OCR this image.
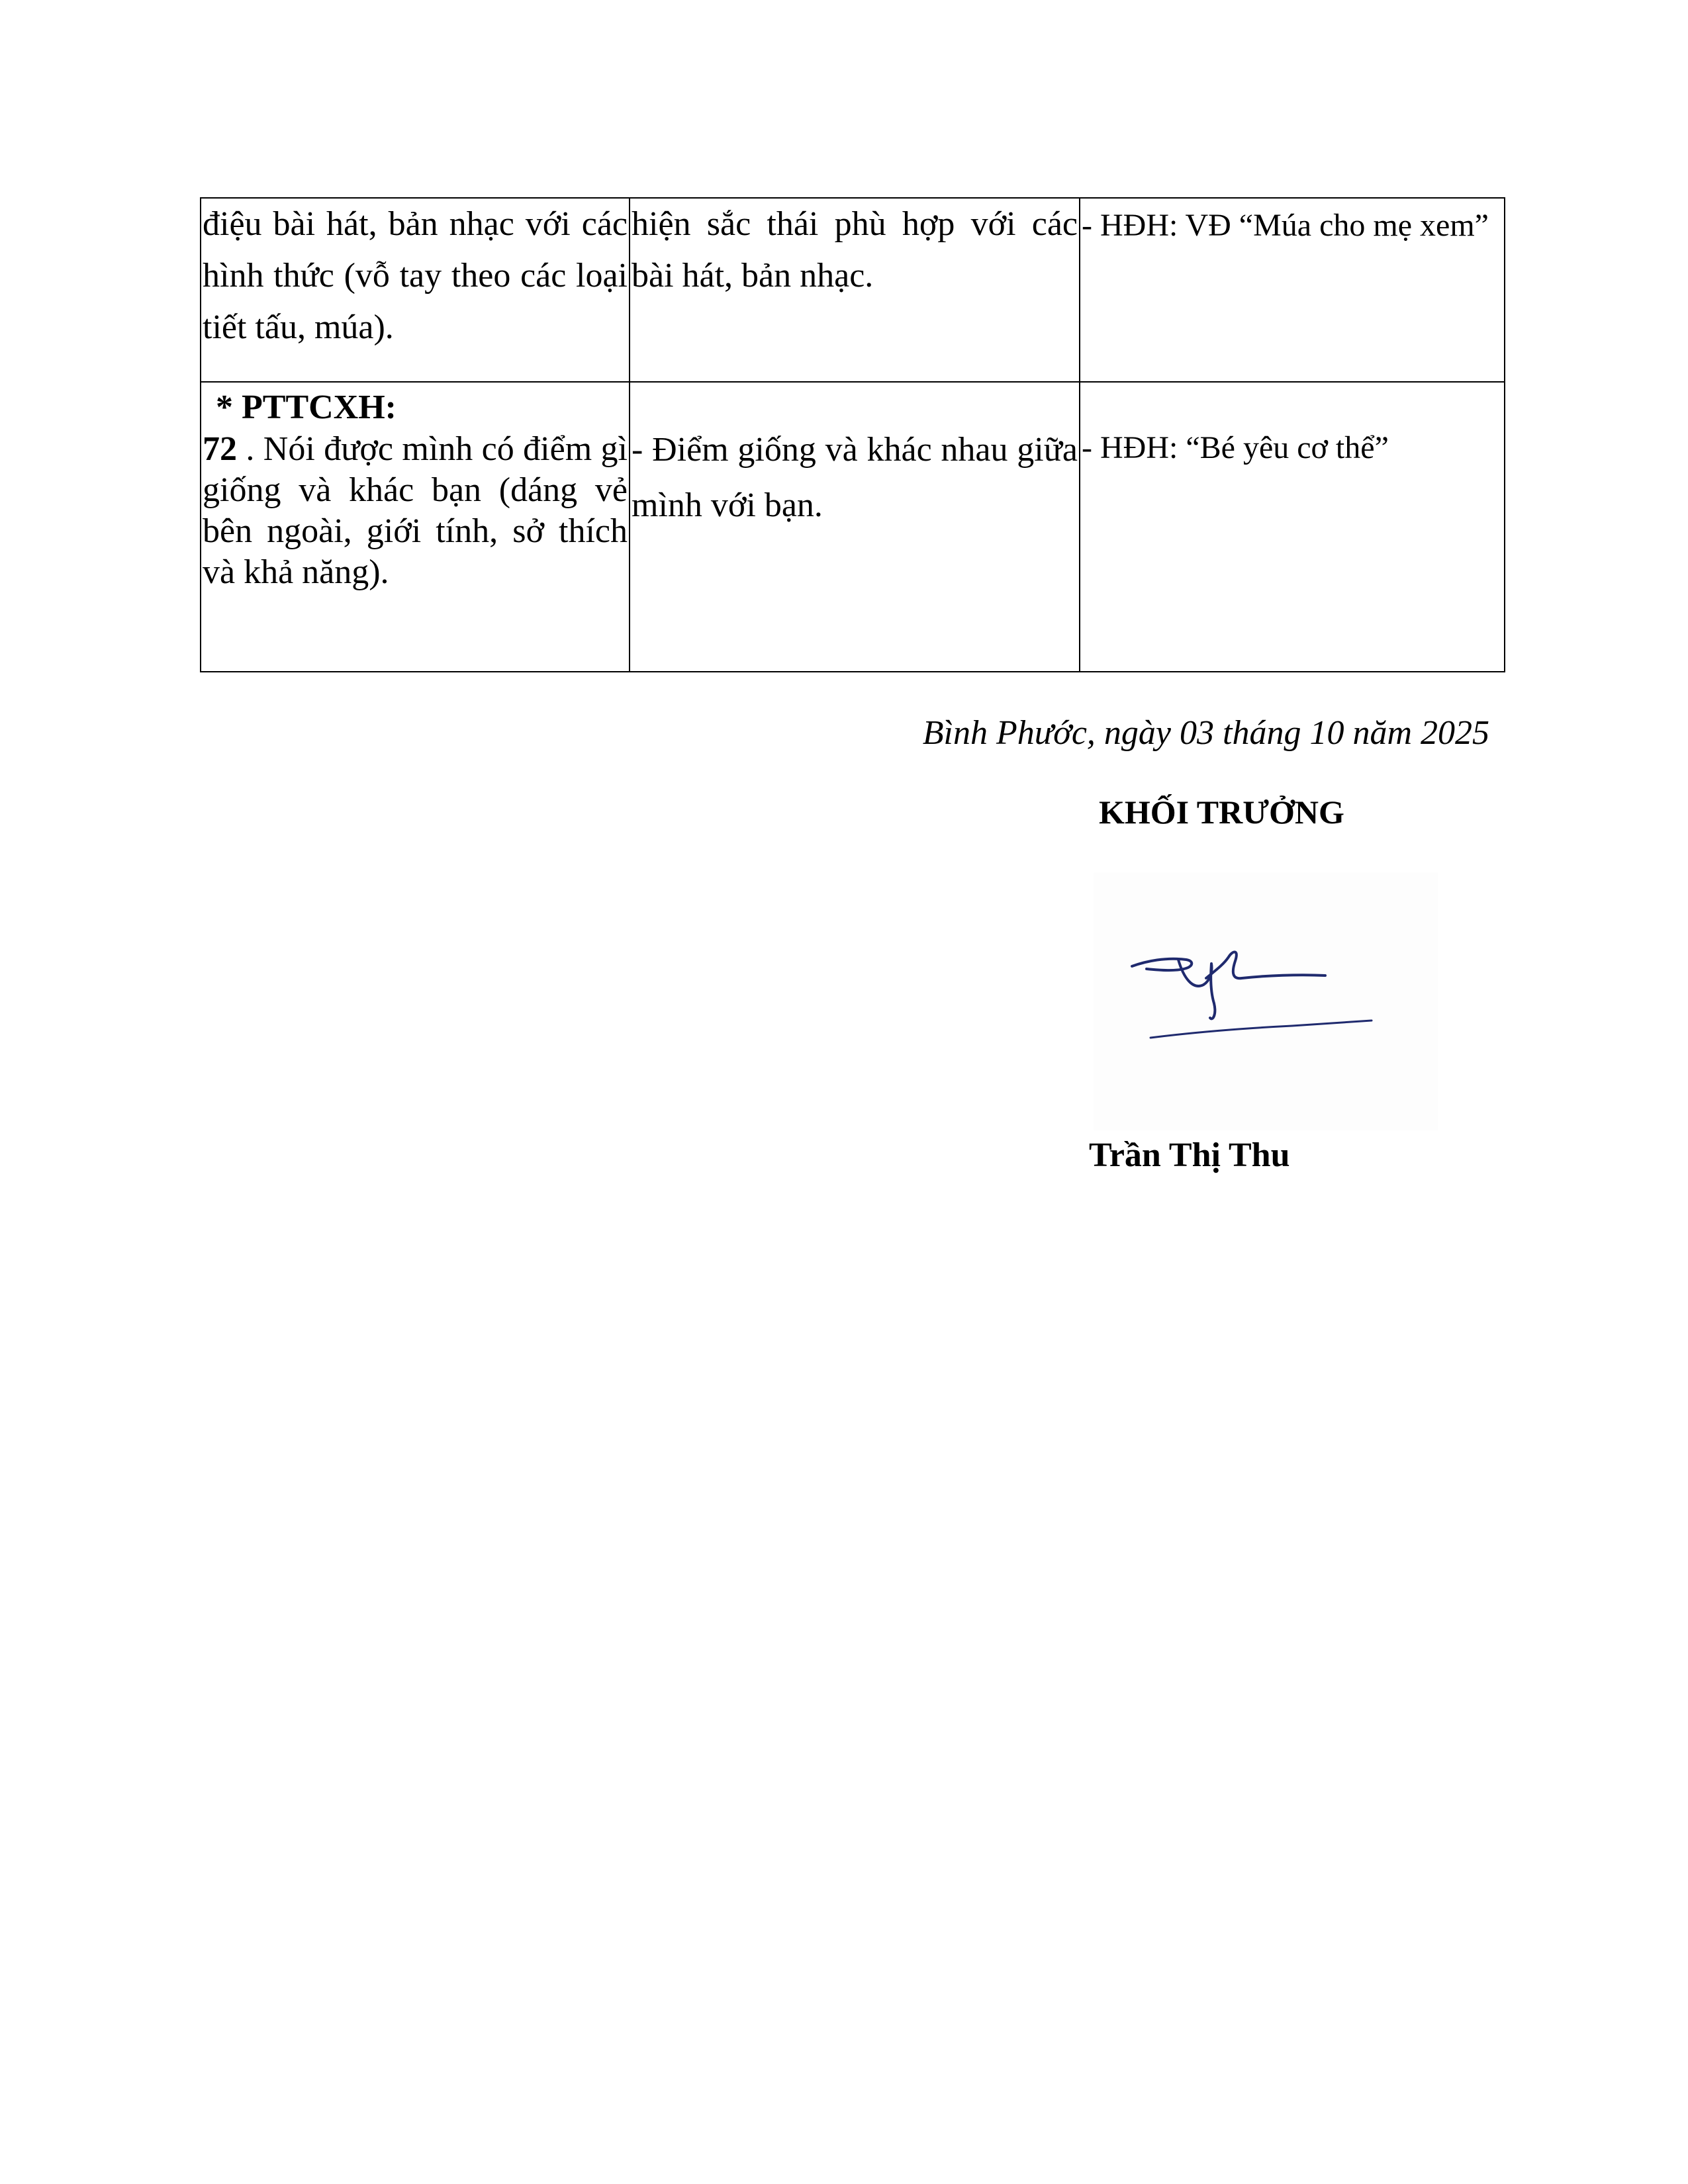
điệu bài hát, bản nhạc với các hình thức (vỗ tay theo các loại tiết tấu, múa).	hiện sắc thái phù hợp với các bài hát, bản nhạc.	- HĐH: VĐ “Múa cho mẹ xem”

* PTTCXH:
72 . Nói được mình có điểm gì giống và khác bạn (dáng vẻ bên ngoài, giới tính, sở thích và khả năng).	- Điểm giống và khác nhau giữa mình với bạn.	- HĐH: “Bé yêu cơ thể”
Bình Phước, ngày 03 tháng 10 năm 2025
KHỐI TRƯỞNG
Trần Thị Thu
